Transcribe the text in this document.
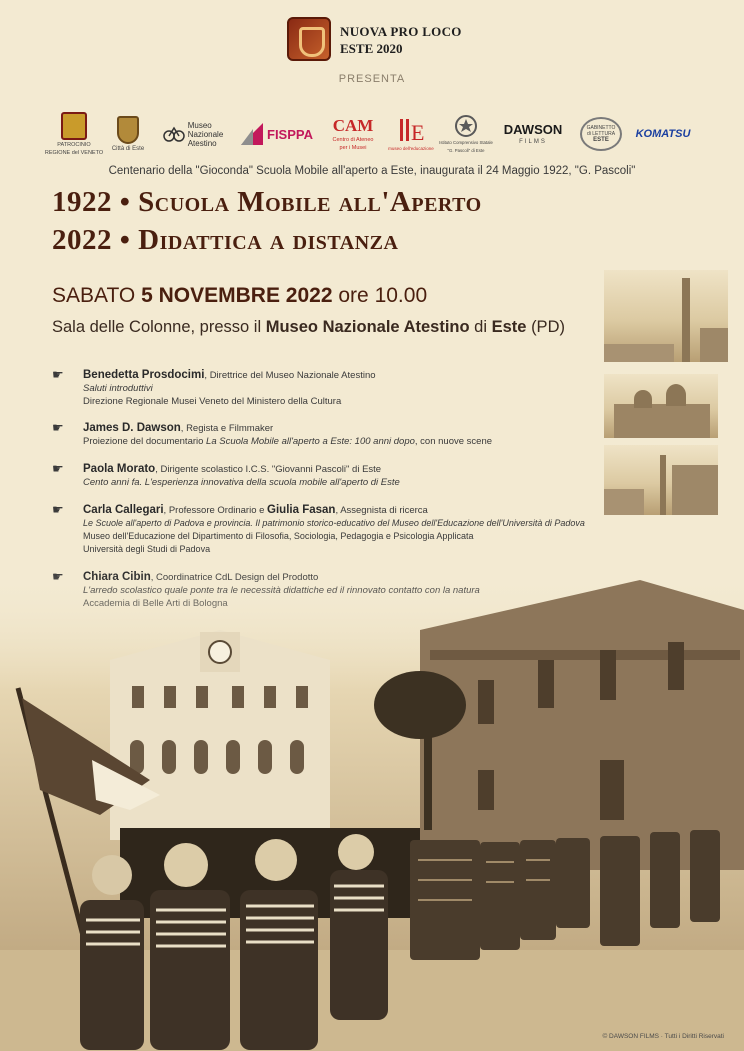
NUOVA PRO LOCO
ESTE 2020
PRESENTA
PATROCINIO
REGIONE del VENETO
Città di Este
Museo
Nazionale
Atestino
FISPPA CAM
Centro di Ateneo
per i Musei
E
museo dell'educazione
Istituto Comprensivo Statale
"G. Pascoli" di Este
DAWSON
FILMS
GABINETTO
di LETTURA
ESTE KOMATSU
Centenario della "Gioconda" Scuola Mobile all'aperto a Este, inaugurata il 24 Maggio 1922, "G. Pascoli"
1922 • Scuola Mobile all'Aperto
2022 • Didattica a distanza
SABATO 5 NOVEMBRE 2022 ore 10.00
Sala delle Colonne, presso il Museo Nazionale Atestino di Este (PD)
☛	Benedetta Prosdocimi, Direttrice del Museo Nazionale Atestino
Saluti introduttivi
Direzione Regionale Musei Veneto del Ministero della Cultura
☛	James D. Dawson, Regista e Filmmaker
Proiezione del documentario La Scuola Mobile all'aperto a Este: 100 anni dopo, con nuove scene
☛	Paola Morato, Dirigente scolastico I.C.S. "Giovanni Pascoli" di Este
Cento anni fa. L'esperienza innovativa della scuola mobile all'aperto di Este
☛	Carla Callegari, Professore Ordinario e Giulia Fasan, Assegnista di ricerca
Le Scuole all'aperto di Padova e provincia. Il patrimonio storico-educativo del Museo dell'Educazione dell'Università di Padova
Museo dell'Educazione del Dipartimento di Filosofia, Sociologia, Pedagogia e Psicologia Applicata
Università degli Studi di Padova
© DAWSON FILMS · Tutti i Diritti Riservati
